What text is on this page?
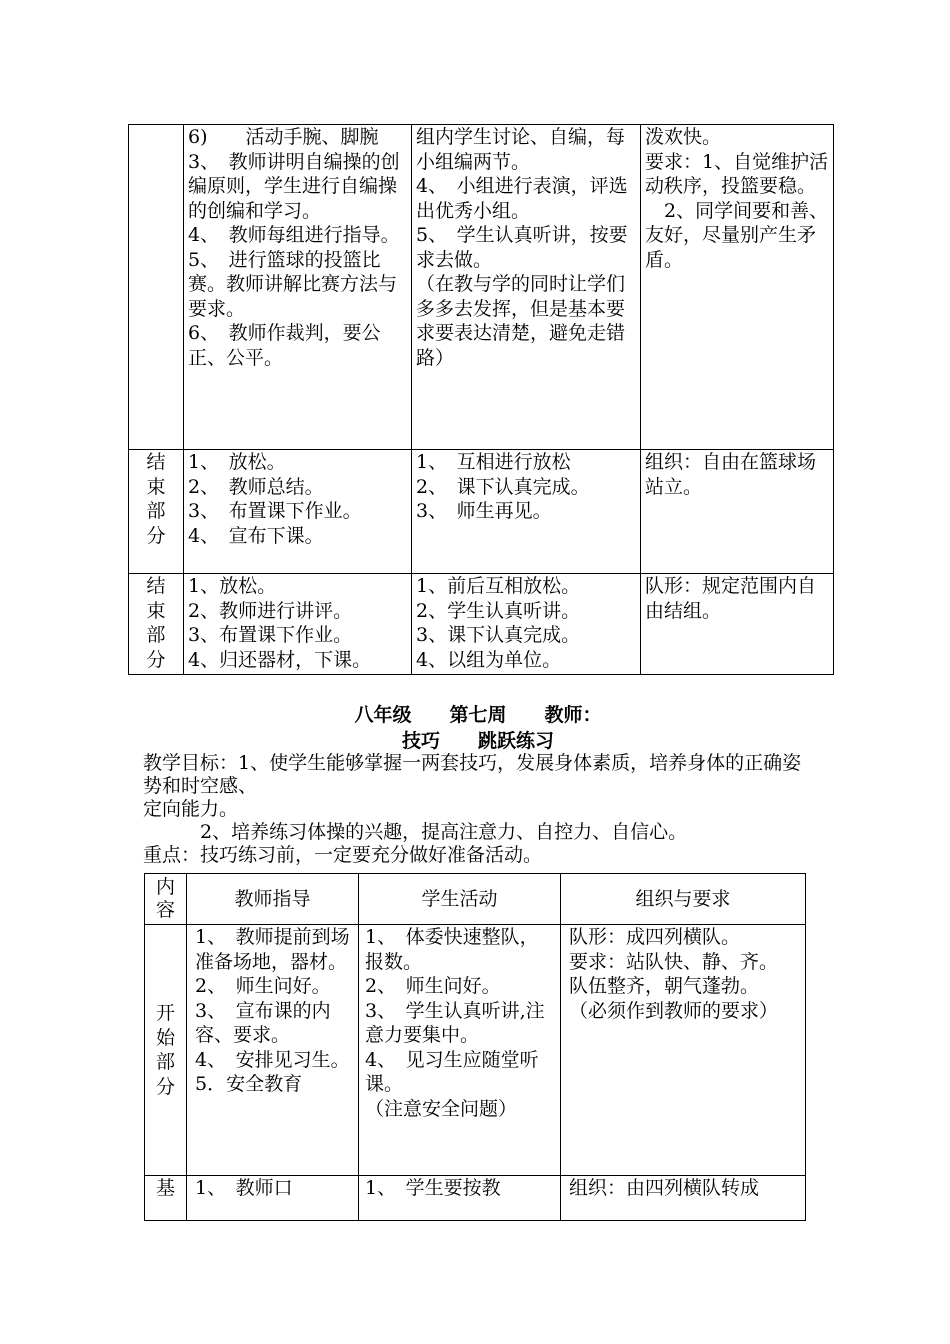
	6)　　活动手腕、脚腕
3、　教师讲明自编操的创编原则，学生进行自编操的创编和学习。
4、　教师每组进行指导。
5、　进行篮球的投篮比赛。教师讲解比赛方法与要求。
6、　教师作裁判，要公正、公平。	组内学生讨论、自编，每小组编两节。
4、　小组进行表演，评选出优秀小组。
5、　学生认真听讲，按要求去做。
（在教与学的同时让学们多多去发挥，但是基本要求要表达清楚，避免走错路）	泼欢快。
要求：1、自觉维护活动秩序，投篮要稳。
　2、同学间要和善、友好，尽量别产生矛盾。

结
束
部
分	1、　放松。
2、　教师总结。
3、　布置课下作业。
4、　宣布下课。	1、　互相进行放松
2、　课下认真完成。
3、　师生再见。	组织：自由在篮球场站立。

结
束
部
分	1、放松。
2、教师进行讲评。
3、布置课下作业。
4、归还器材，下课。	1、前后互相放松。
2、学生认真听讲。
3、课下认真完成。
4、以组为单位。	队形：规定范围内自由结组。
八年级　　第七周　　教师：
技巧　　跳跃练习
教学目标：1、使学生能够掌握一两套技巧，发展身体素质，培养身体的正确姿势和时空感、
定向能力。
2、培养练习体操的兴趣，提高注意力、自控力、自信心。
重点：技巧练习前，一定要充分做好准备活动。
内容	教师指导	学生活动	组织与要求

开
始
部
分	1、　教师提前到场准备场地，器材。
2、　师生问好。
3、　宣布课的内容、要求。
4、　安排见习生。
5．安全教育	1、　体委快速整队，报数。
2、　师生问好。
3、　学生认真听讲,注意力要集中。
4、　见习生应随堂听课。
（注意安全问题）	队形：成四列横队。
要求：站队快、静、齐。
队伍整齐，朝气蓬勃。
（必须作到教师的要求）

基	1、　教师口	1、　学生要按教	组织：由四列横队转成
